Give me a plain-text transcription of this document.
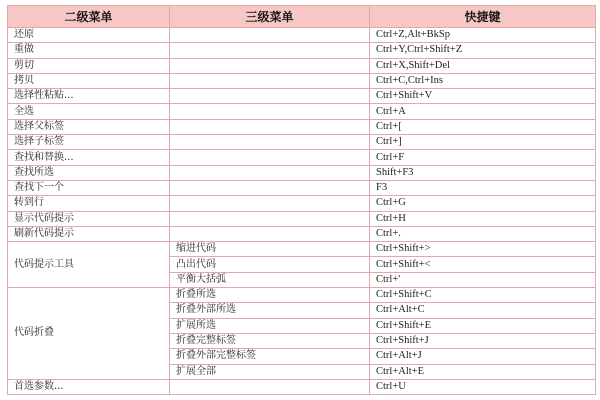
二级菜单	三级菜单	快捷键
还原		Ctrl+Z,Alt+BkSp
重做		Ctrl+Y,Ctrl+Shift+Z
剪切		Ctrl+X,Shift+Del
拷贝		Ctrl+C,Ctrl+Ins
选择性粘贴...		Ctrl+Shift+V
全选		Ctrl+A
选择父标签		Ctrl+[
选择子标签		Ctrl+]
查找和替换...		Ctrl+F
查找所选		Shift+F3
查找下一个		F3
转到行		Ctrl+G
显示代码提示		Ctrl+H
刷新代码提示		Ctrl+.
代码提示工具	缩进代码	Ctrl+Shift+>
	凸出代码	Ctrl+Shift+<
	平衡大括弧	Ctrl+'
代码折叠	折叠所选	Ctrl+Shift+C
	折叠外部所选	Ctrl+Alt+C
	扩展所选	Ctrl+Shift+E
	折叠完整标签	Ctrl+Shift+J
	折叠外部完整标签	Ctrl+Alt+J
	扩展全部	Ctrl+Alt+E
首选参数...		Ctrl+U
